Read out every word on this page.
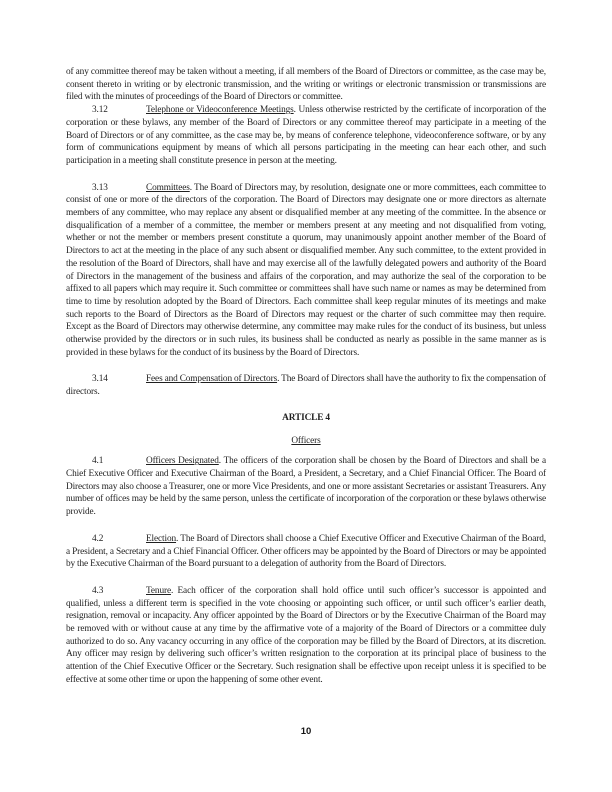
of any committee thereof may be taken without a meeting, if all members of the Board of Directors or committee, as the case may be, consent thereto in writing or by electronic transmission, and the writing or writings or electronic transmission or transmissions are filed with the minutes of proceedings of the Board of Directors or committee.

3.12	Telephone or Videoconference Meetings. Unless otherwise restricted by the certificate of incorporation of the corporation or these bylaws, any member of the Board of Directors or any committee thereof may participate in a meeting of the Board of Directors or of any committee, as the case may be, by means of conference telephone, videoconference software, or by any form of communications equipment by means of which all persons participating in the meeting can hear each other, and such participation in a meeting shall constitute presence in person at the meeting.

3.13	Committees. The Board of Directors may, by resolution, designate one or more committees, each committee to consist of one or more of the directors of the corporation. The Board of Directors may designate one or more directors as alternate members of any committee, who may replace any absent or disqualified member at any meeting of the committee. In the absence or disqualification of a member of a committee, the member or members present at any meeting and not disqualified from voting, whether or not the member or members present constitute a quorum, may unanimously appoint another member of the Board of Directors to act at the meeting in the place of any such absent or disqualified member. Any such committee, to the extent provided in the resolution of the Board of Directors, shall have and may exercise all of the lawfully delegated powers and authority of the Board of Directors in the management of the business and affairs of the corporation, and may authorize the seal of the corporation to be affixed to all papers which may require it. Such committee or committees shall have such name or names as may be determined from time to time by resolution adopted by the Board of Directors. Each committee shall keep regular minutes of its meetings and make such reports to the Board of Directors as the Board of Directors may request or the charter of such committee may then require. Except as the Board of Directors may otherwise determine, any committee may make rules for the conduct of its business, but unless otherwise provided by the directors or in such rules, its business shall be conducted as nearly as possible in the same manner as is provided in these bylaws for the conduct of its business by the Board of Directors.

3.14	Fees and Compensation of Directors. The Board of Directors shall have the authority to fix the compensation of directors.

ARTICLE 4

Officers

4.1	Officers Designated. The officers of the corporation shall be chosen by the Board of Directors and shall be a Chief Executive Officer and Executive Chairman of the Board, a President, a Secretary, and a Chief Financial Officer. The Board of Directors may also choose a Treasurer, one or more Vice Presidents, and one or more assistant Secretaries or assistant Treasurers. Any number of offices may be held by the same person, unless the certificate of incorporation of the corporation or these bylaws otherwise provide.

4.2	Election. The Board of Directors shall choose a Chief Executive Officer and Executive Chairman of the Board, a President, a Secretary and a Chief Financial Officer. Other officers may be appointed by the Board of Directors or may be appointed by the Executive Chairman of the Board pursuant to a delegation of authority from the Board of Directors.

4.3	Tenure. Each officer of the corporation shall hold office until such officer’s successor is appointed and qualified, unless a different term is specified in the vote choosing or appointing such officer, or until such officer’s earlier death, resignation, removal or incapacity. Any officer appointed by the Board of Directors or by the Executive Chairman of the Board may be removed with or without cause at any time by the affirmative vote of a majority of the Board of Directors or a committee duly authorized to do so. Any vacancy occurring in any office of the corporation may be filled by the Board of Directors, at its discretion. Any officer may resign by delivering such officer’s written resignation to the corporation at its principal place of business to the attention of the Chief Executive Officer or the Secretary. Such resignation shall be effective upon receipt unless it is specified to be effective at some other time or upon the happening of some other event.

10
